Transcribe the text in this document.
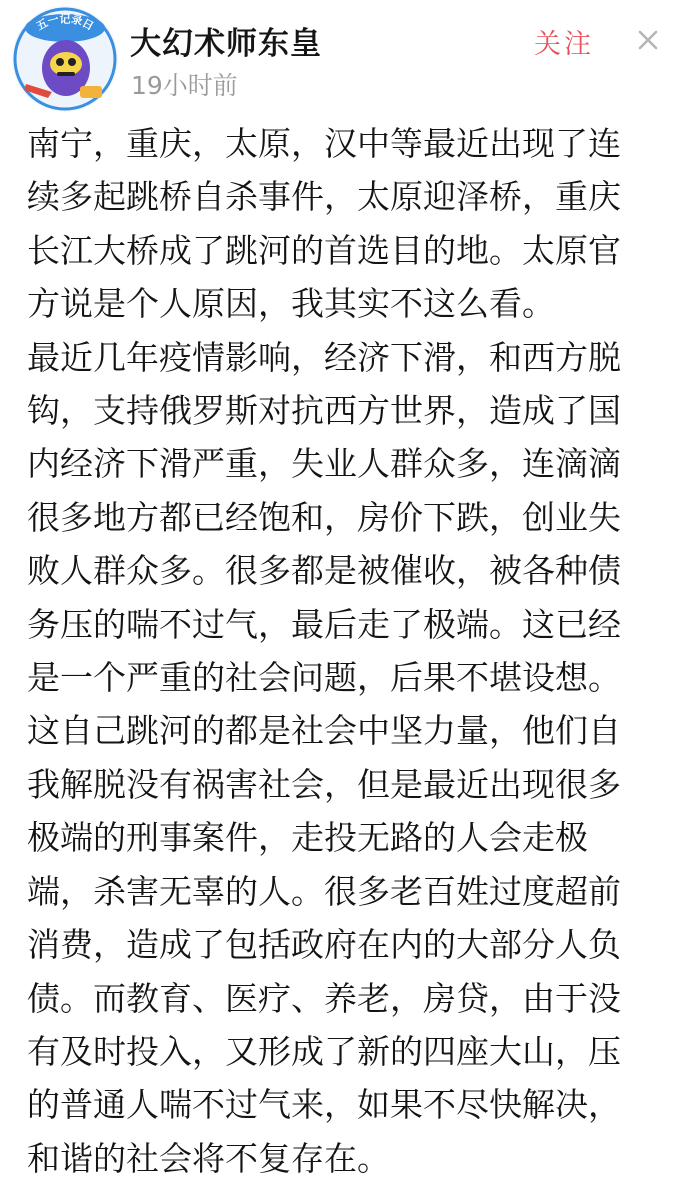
五一记录日
大幻术师东皇
19小时前
关注

南宁，重庆，太原，汉中等最近出现了连
续多起跳桥自杀事件，太原迎泽桥，重庆
长江大桥成了跳河的首选目的地。太原官
方说是个人原因，我其实不这么看。

最近几年疫情影响，经济下滑，和西方脱
钩，支持俄罗斯对抗西方世界，造成了国
内经济下滑严重，失业人群众多，连滴滴
很多地方都已经饱和，房价下跌，创业失
败人群众多。很多都是被催收，被各种债
务压的喘不过气，最后走了极端。这已经
是一个严重的社会问题，后果不堪设想。

这自己跳河的都是社会中坚力量，他们自
我解脱没有祸害社会，但是最近出现很多
极端的刑事案件，走投无路的人会走极
端，杀害无辜的人。很多老百姓过度超前
消费，造成了包括政府在内的大部分人负
债。而教育、医疗、养老，房贷，由于没
有及时投入，又形成了新的四座大山，压
的普通人喘不过气来，如果不尽快解决，
和谐的社会将不复存在。
